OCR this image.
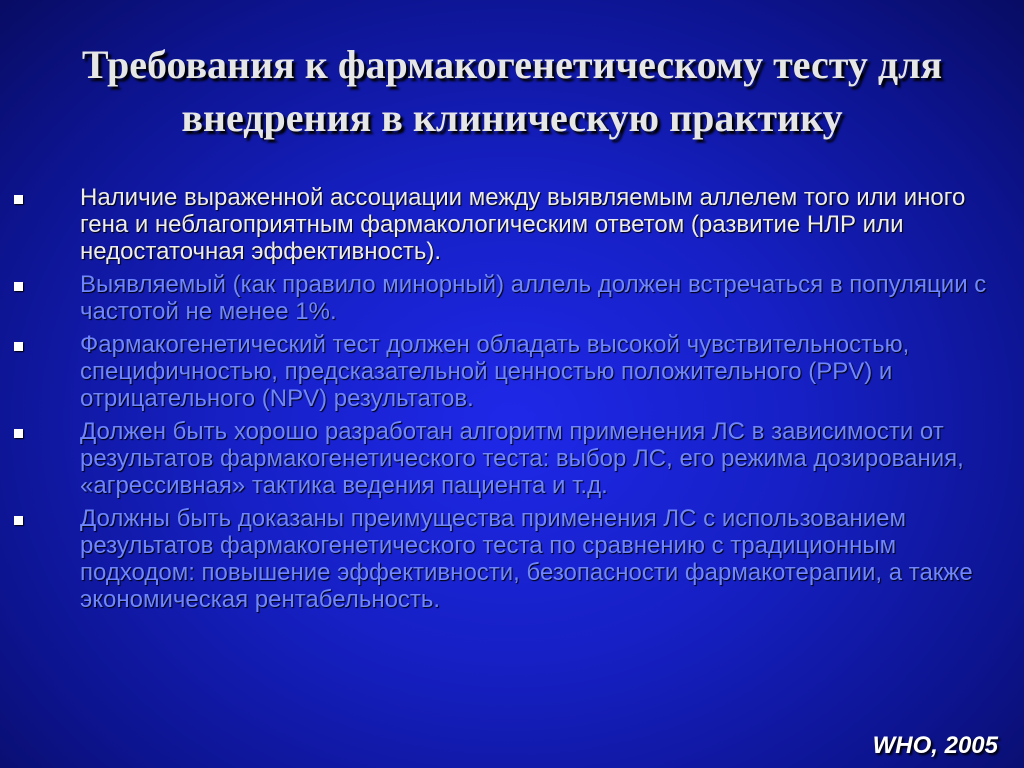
Требования к фармакогенетическому тесту для
внедрения в клиническую практику
Наличие выраженной ассоциации между выявляемым аллелем того или иного гена и неблагоприятным фармакологическим ответом (развитие НЛР или недостаточная эффективность).
Выявляемый (как правило минорный) аллель должен встречаться в популяции с частотой не менее 1%.
Фармакогенетический тест должен обладать высокой чувствительностью, специфичностью, предсказательной ценностью положительного (PPV) и отрицательного (NPV) результатов.
Должен быть хорошо разработан алгоритм применения ЛС в зависимости от результатов фармакогенетического теста: выбор ЛС, его режима дозирования, «агрессивная» тактика ведения пациента и т.д.
Должны быть доказаны преимущества применения ЛС с использованием результатов фармакогенетического теста по сравнению с традиционным подходом: повышение эффективности, безопасности фармакотерапии, а также экономическая рентабельность.
WHO, 2005
